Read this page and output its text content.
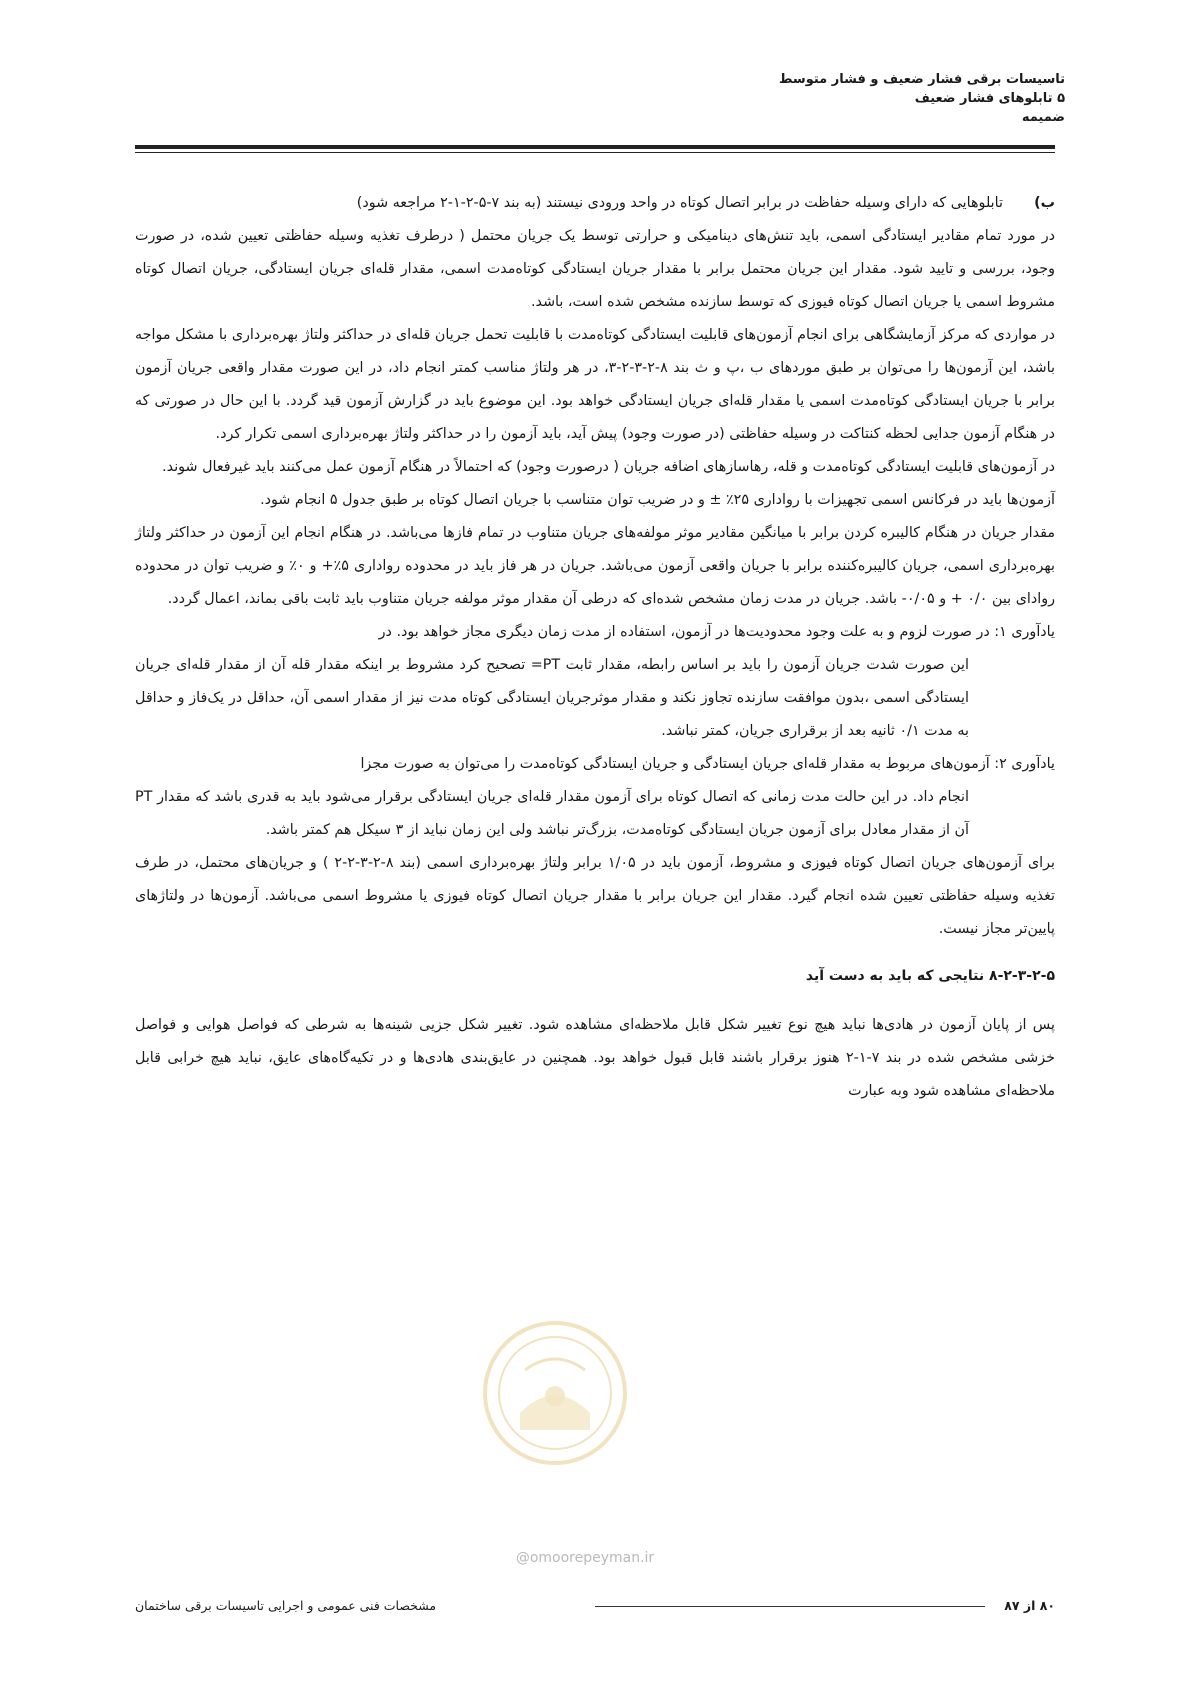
تاسیسات برقی فشار ضعیف و فشار متوسط
۵ تابلوهای فشار ضعیف
ضمیمه
ب)
تابلوهایی که دارای وسیله حفاظت در برابر اتصال کوتاه در واحد ورودی نیستند (به بند ۷-۵-۲-۱-۲ مراجعه شود)

در مورد تمام مقادیر ایستادگی اسمی، باید تنش‌های دینامیکی و حرارتی توسط یک جریان محتمل ( درطرف تغذیه وسیله حفاظتی تعیین شده، در صورت وجود، بررسی و تایید شود. مقدار این جریان محتمل برابر با مقدار جریان ایستادگی کوتاه‌مدت اسمی، مقدار قله‌ای جریان ایستادگی، جریان اتصال کوتاه مشروط اسمی یا جریان اتصال کوتاه فیوزی که توسط سازنده مشخص شده است، باشد.

در مواردی که مرکز آزمایشگاهی برای انجام آزمون‌های قابلیت ایستادگی کوتاه‌مدت با قابلیت تحمل جریان قله‌ای در حداکثر ولتاژ بهره‌برداری با مشکل مواجه باشد، این آزمون‌ها را می‌توان بر طبق موردهای ب ،پ و ث بند ۸-۲-۳-۲-۳، در هر ولتاژ مناسب کمتر انجام داد، در این صورت مقدار واقعی جریان آزمون برابر با جریان ایستادگی کوتاه‌مدت اسمی یا مقدار قله‌ای جریان ایستادگی خواهد بود. این موضوع باید در گزارش آزمون قید گردد. با این حال در صورتی که در هنگام آزمون جدایی لحظه کنتاکت در وسیله حفاظتی (در صورت وجود) پیش آید، باید آزمون را در حداکثر ولتاژ بهره‌برداری اسمی تکرار کرد.

در آزمون‌های قابلیت ایستادگی کوتاه‌مدت و قله، رهاسازهای اضافه جریان ( درصورت وجود) که احتمالاً در هنگام آزمون عمل می‌کنند باید غیرفعال شوند.

آزمون‌ها باید در فرکانس اسمی تجهیزات با رواداری ۲۵٪ ± و در ضریب توان متناسب با جریان اتصال کوتاه بر طبق جدول ۵ انجام شود.

مقدار جریان در هنگام کالیبره کردن برابر با میانگین مقادیر موثر مولفه‌های جریان متناوب در تمام فازها می‌باشد. در هنگام انجام این آزمون در حداکثر ولتاژ بهره‌برداری اسمی، جریان کالیبره‌کننده برابر با جریان واقعی آزمون می‌باشد. جریان در هر فاز باید در محدوده رواداری ۵٪+ و ۰٪ و ضریب توان در محدوده روادای بین ۰/۰ + و ۰/۰۵- باشد. جریان در مدت زمان مشخص شده‌ای که درطی آن مقدار موثر مولفه جریان متناوب باید ثابت باقی بماند، اعمال گردد.

یادآوری ۱: در صورت لزوم و به علت وجود محدودیت‌ها در آزمون، استفاده از مدت زمان دیگری مجاز خواهد بود. در

این صورت شدت جریان آزمون را باید بر اساس رابطه، مقدار ثابت PT= تصحیح کرد مشروط بر اینکه مقدار قله آن از مقدار قله‌ای جریان ایستادگی اسمی ،بدون موافقت سازنده تجاوز نکند و مقدار موثرجریان ایستادگی کوتاه مدت نیز از مقدار اسمی آن، حداقل در یک‌فاز و حداقل به مدت ۰/۱ ثانیه بعد از برقراری جریان، کمتر نباشد.

یادآوری ۲: آزمون‌های مربوط به مقدار قله‌ای جریان ایستادگی و جریان ایستادگی کوتاه‌مدت را می‌توان به صورت مجزا

انجام داد. در این حالت مدت زمانی که اتصال کوتاه برای آزمون مقدار قله‌ای جریان ایستادگی برقرار می‌شود باید به قدری باشد که مقدار PT آن از مقدار معادل برای آزمون جریان ایستادگی کوتاه‌مدت، بزرگ‌تر نباشد ولی این زمان نباید از ۳ سیکل هم کمتر باشد.

برای آزمون‌های جریان اتصال کوتاه فیوزی و مشروط، آزمون باید در ۱/۰۵ برابر ولتاژ بهره‌برداری اسمی (بند ۸-۲-۳-۲-۲ ) و جریان‌های محتمل، در طرف تغذیه وسیله حفاظتی تعیین شده انجام گیرد. مقدار این جریان برابر با مقدار جریان اتصال کوتاه فیوزی یا مشروط اسمی می‌باشد. آزمون‌ها در ولتاژهای پایین‌تر مجاز نیست.

۸-۲-۳-۲-۵ نتایجی که باید به دست آید

پس از پایان آزمون در هادی‌ها نباید هیچ نوع تغییر شکل قابل ملاحظه‌ای مشاهده شود. تغییر شکل جزیی شینه‌ها به شرطی که فواصل هوایی و فواصل خزشی مشخص شده در بند ۷-۱-۲ هنوز برقرار باشند قابل قبول خواهد بود. همچنین در عایق‌بندی هادی‌ها و در تکیه‌گاه‌های عایق، نباید هیچ خرابی قابل ملاحظه‌ای مشاهده شود وبه عبارت

@omoorepeyman.ir
۸۰ از ۸۷
مشخصات فنی عمومی و اجرایی تاسیسات برقی ساختمان
